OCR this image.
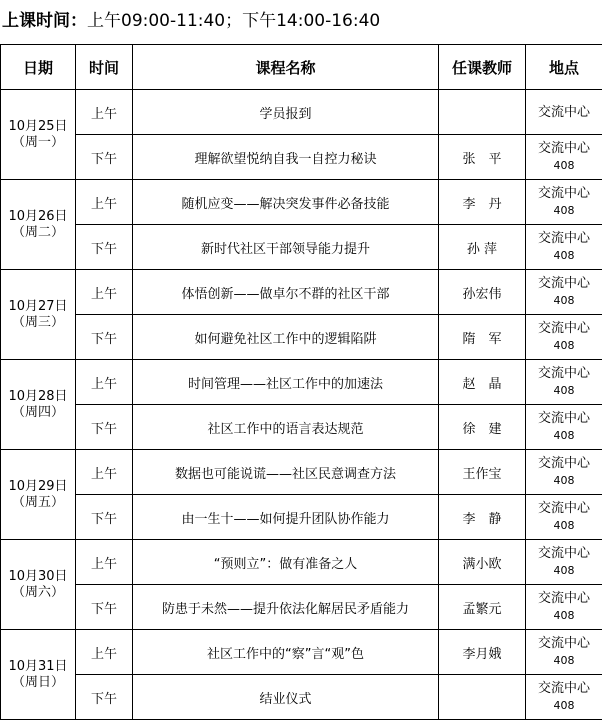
上课时间：上午09:00-11:40；下午14:00-16:40
日期	时间	课程名称	任课教师	地点

10月25日
（周一）	上午	学员报到		交流中心

	下午	理解欲望悦纳自我一自控力秘诀	张　平	交流中心
408

10月26日
（周二）	上午	随机应变——解决突发事件必备技能	李　丹	交流中心
408

	下午	新时代社区干部领导能力提升	孙 萍	交流中心
408

10月27日
（周三）	上午	体悟创新——做卓尔不群的社区干部	孙宏伟	交流中心
408

	下午	如何避免社区工作中的逻辑陷阱	隋　军	交流中心
408

10月28日
（周四）	上午	时间管理——社区工作中的加速法	赵　晶	交流中心
408

	下午	社区工作中的语言表达规范	徐　建	交流中心
408

10月29日
（周五）	上午	数据也可能说谎——社区民意调查方法	王作宝	交流中心
408

	下午	由一生十——如何提升团队协作能力	李　静	交流中心
408

10月30日
（周六）	上午	“预则立”：做有准备之人	满小欧	交流中心
408

	下午	防患于未然——提升依法化解居民矛盾能力	孟繁元	交流中心
408

10月31日
（周日）	上午	社区工作中的“察”言“观”色	李月娥	交流中心
408

	下午	结业仪式		交流中心
408
